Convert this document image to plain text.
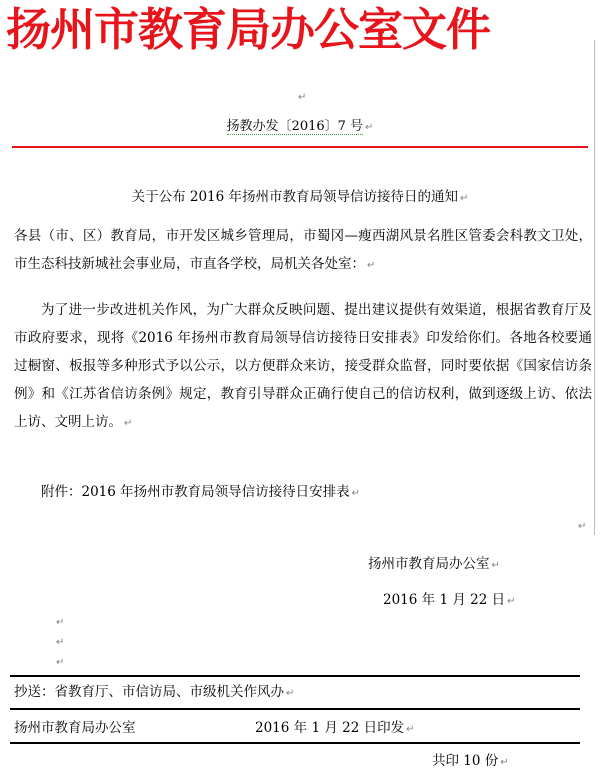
扬州市教育局办公室文件
↵
扬教办发〔2016〕7 号 ↵
关于公布 2016 年扬州市教育局领导信访接待日的通知 ↵
各县（市、区）教育局，市开发区城乡管理局，市蜀冈—瘦西湖风景名胜区管委会科教文卫处，市生态科技新城社会事业局，市直各学校，局机关各处室： ↵
为了进一步改进机关作风，为广大群众反映问题、提出建议提供有效渠道，根据省教育厅及市政府要求，现将《2016 年扬州市教育局领导信访接待日安排表》印发给你们。各地各校要通过橱窗、板报等多种形式予以公示，以方便群众来访，接受群众监督，同时要依据《国家信访条例》和《江苏省信访条例》规定，教育引导群众正确行使自己的信访权利，做到逐级上访、依法上访、文明上访。 ↵
附件：2016 年扬州市教育局领导信访接待日安排表 ↵
↵
扬州市教育局办公室 ↵
2016 年 1 月 22 日 ↵
↵
↵
↵
抄送：省教育厅、市信访局、市级机关作风办 ↵
扬州市教育局办公室	2016 年 1 月 22 日印发 ↵
共印 10 份 ↵
